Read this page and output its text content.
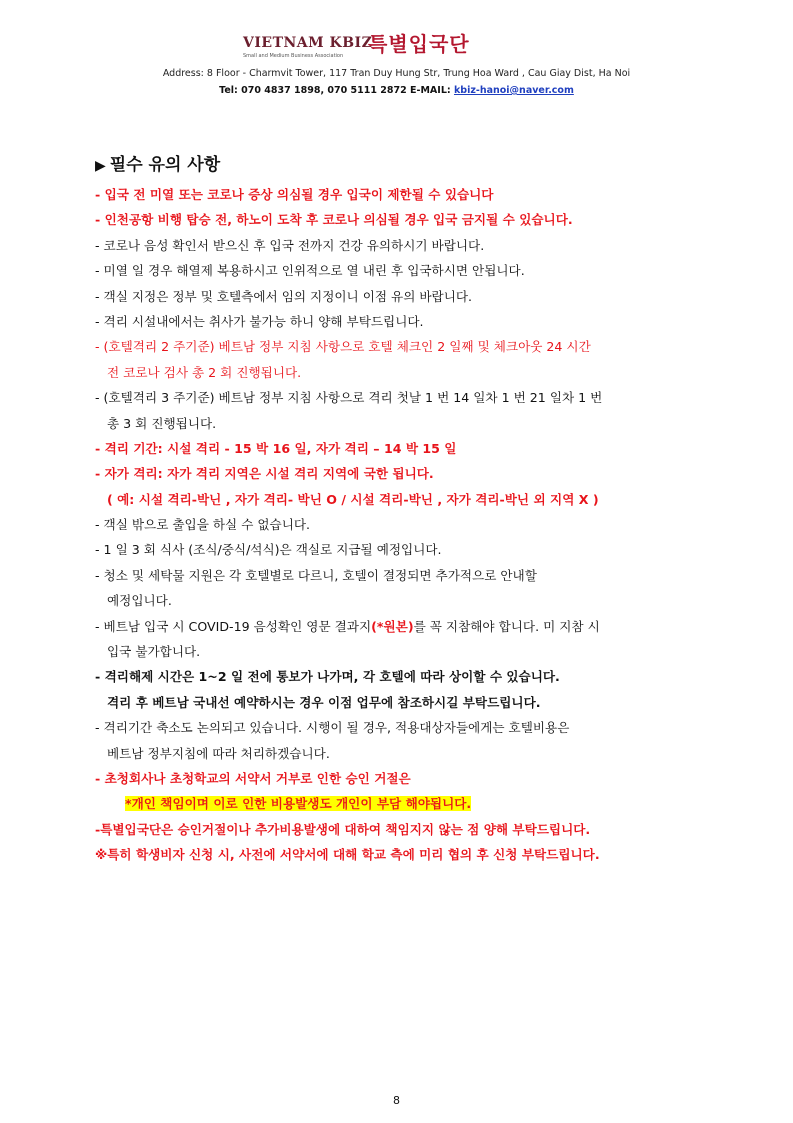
VIETNAM KBIZ
Small and Medium Business Association 특별입국단
Address: 8 Floor - Charmvit Tower, 117 Tran Duy Hung Str, Trung Hoa Ward , Cau Giay Dist, Ha Noi
Tel: 070 4837 1898, 070 5111 2872 E-MAIL: kbiz-hanoi@naver.com
▶ 필수 유의 사항
- 입국 전 미열 또는 코로나 증상 의심될 경우 입국이 제한될 수 있습니다
- 인천공항 비행 탑승 전, 하노이 도착 후 코로나 의심될 경우 입국 금지될 수 있습니다.
- 코로나 음성 확인서 받으신 후 입국 전까지 건강 유의하시기 바랍니다.
- 미열 일 경우 해열제 복용하시고 인위적으로 열 내린 후 입국하시면 안됩니다.
- 객실 지정은 정부 및 호텔측에서 임의 지정이니 이점 유의 바랍니다.
- 격리 시설내에서는 취사가 불가능 하니 양해 부탁드립니다.
- (호텔격리 2 주기준) 베트남 정부 지침 사항으로 호텔 체크인 2 일째 및 체크아웃 24 시간
전 코로나 검사 총 2 회 진행됩니다.
- (호텔격리 3 주기준) 베트남 정부 지침 사항으로 격리 첫날 1 번 14 일차 1 번 21 일차 1 번
총 3 회 진행됩니다.
- 격리 기간: 시설 격리 - 15 박 16 일, 자가 격리 – 14 박 15 일
- 자가 격리: 자가 격리 지역은 시설 격리 지역에 국한 됩니다.
( 예: 시설 격리-박닌 , 자가 격리- 박닌 O / 시설 격리-박닌 , 자가 격리-박닌 외 지역 X )
- 객실 밖으로 출입을 하실 수 없습니다.
- 1 일 3 회 식사 (조식/중식/석식)은 객실로 지급될 예정입니다.
- 청소 및 세탁물 지원은 각 호텔별로 다르니, 호텔이 결정되면 추가적으로 안내할
예정입니다.
- 베트남 입국 시 COVID-19 음성확인 영문 결과지(*원본)를 꼭 지참해야 합니다. 미 지참 시
입국 불가합니다.
- 격리해제 시간은 1~2 일 전에 통보가 나가며, 각 호텔에 따라 상이할 수 있습니다.
격리 후 베트남 국내선 예약하시는 경우 이점 업무에 참조하시길 부탁드립니다.
- 격리기간 축소도 논의되고 있습니다. 시행이 될 경우, 적용대상자들에게는 호텔비용은
베트남 정부지침에 따라 처리하겠습니다.
- 초청회사나 초청학교의 서약서 거부로 인한 승인 거절은
*개인 책임이며 이로 인한 비용발생도 개인이 부담 해야됩니다.
-특별입국단은 승인거절이나 추가비용발생에 대하여 책임지지 않는 점 양해 부탁드립니다.
※특히 학생비자 신청 시, 사전에 서약서에 대해 학교 측에 미리 협의 후 신청 부탁드립니다.
8
